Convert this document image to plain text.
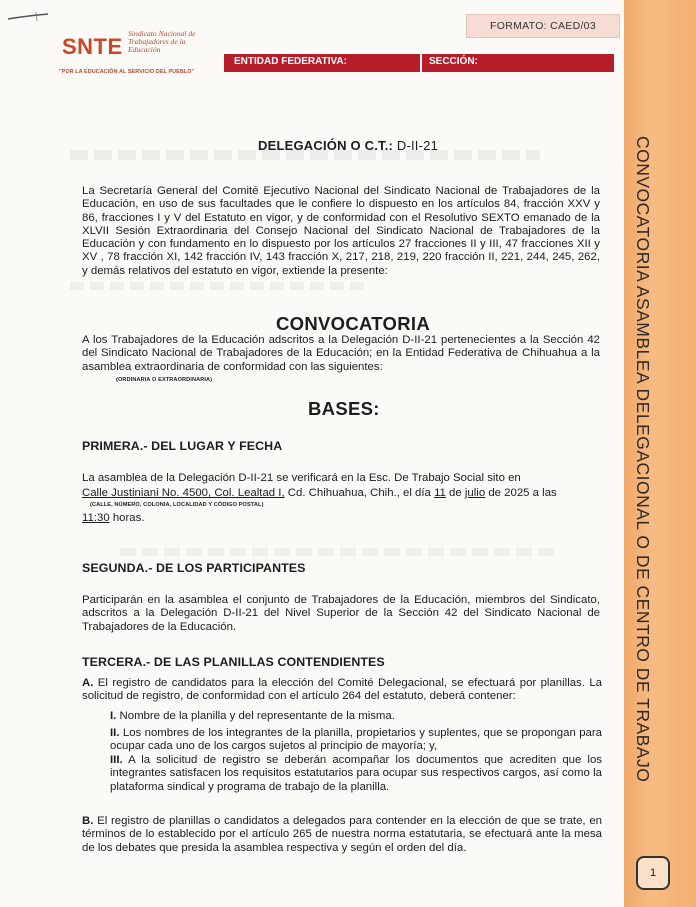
SNTE
Sindicato Nacional de Trabajadores de la Educación
"POR LA EDUCACIÓN AL SERVICIO DEL PUEBLO"
FORMATO: CAED/03
ENTIDAD FEDERATIVA:	SECCIÓN:
CONVOCATORIA ASAMBLEA DELEGACIONAL O DE CENTRO DE TRABAJO
1
DELEGACIÓN O C.T.: D-II-21
La Secretaría General del Comité Ejecutivo Nacional del Sindicato Nacional de Trabajadores de la Educación, en uso de sus facultades que le confiere lo dispuesto en los artículos 84, fracción XXV y 86, fracciones I y V del Estatuto en vigor, y de conformidad con el Resolutivo SEXTO emanado de la XLVII Sesión Extraordinaria del Consejo Nacional del Sindicato Nacional de Trabajadores de la Educación y con fundamento en lo dispuesto por los artículos 27 fracciones II y III, 47 fracciones XII y XV , 78 fracción XI, 142 fracción IV, 143 fracción X, 217, 218, 219, 220 fracción II, 221, 244, 245, 262, y demás relativos del estatuto en vigor, extiende la presente:
CONVOCATORIA
A los Trabajadores de la Educación adscritos a la Delegación D-II-21 pertenecientes a la Sección 42 del Sindicato Nacional de Trabajadores de la Educación; en la Entidad Federativa de Chihuahua a la asamblea extraordinaria de conformidad con las siguientes:
(ORDINARIA O EXTRAORDINARIA)
BASES:
PRIMERA.- DEL LUGAR Y FECHA
La asamblea de la Delegación D-II-21 se verificará en la Esc. De Trabajo Social sito en
Calle Justiniani No. 4500, Col. Lealtad I, Cd. Chihuahua, Chih., el día 11 de julio de 2025 a las
(CALLE, NÚMERO, COLONIA, LOCALIDAD Y CÓDIGO POSTAL)
11:30 horas.
SEGUNDA.- DE LOS PARTICIPANTES
Participarán en la asamblea el conjunto de Trabajadores de la Educación, miembros del Sindicato, adscritos a la Delegación D-II-21 del Nivel Superior de la Sección 42 del Sindicato Nacional de Trabajadores de la Educación.
TERCERA.- DE LAS PLANILLAS CONTENDIENTES
A. El registro de candidatos para la elección del Comité Delegacional, se efectuará por planillas. La solicitud de registro, de conformidad con el artículo 264 del estatuto, deberá contener:
I. Nombre de la planilla y del representante de la misma.
II. Los nombres de los integrantes de la planilla, propietarios y suplentes, que se propongan para ocupar cada uno de los cargos sujetos al principio de mayoría; y,
III. A la solicitud de registro se deberán acompañar los documentos que acrediten que los integrantes satisfacen los requisitos estatutarios para ocupar sus respectivos cargos, así como la plataforma sindical y programa de trabajo de la planilla.
B. El registro de planillas o candidatos a delegados para contender en la elección de que se trate, en términos de lo establecido por el artículo 265 de nuestra norma estatutaria, se efectuará ante la mesa de los debates que presida la asamblea respectiva y según el orden del día.
